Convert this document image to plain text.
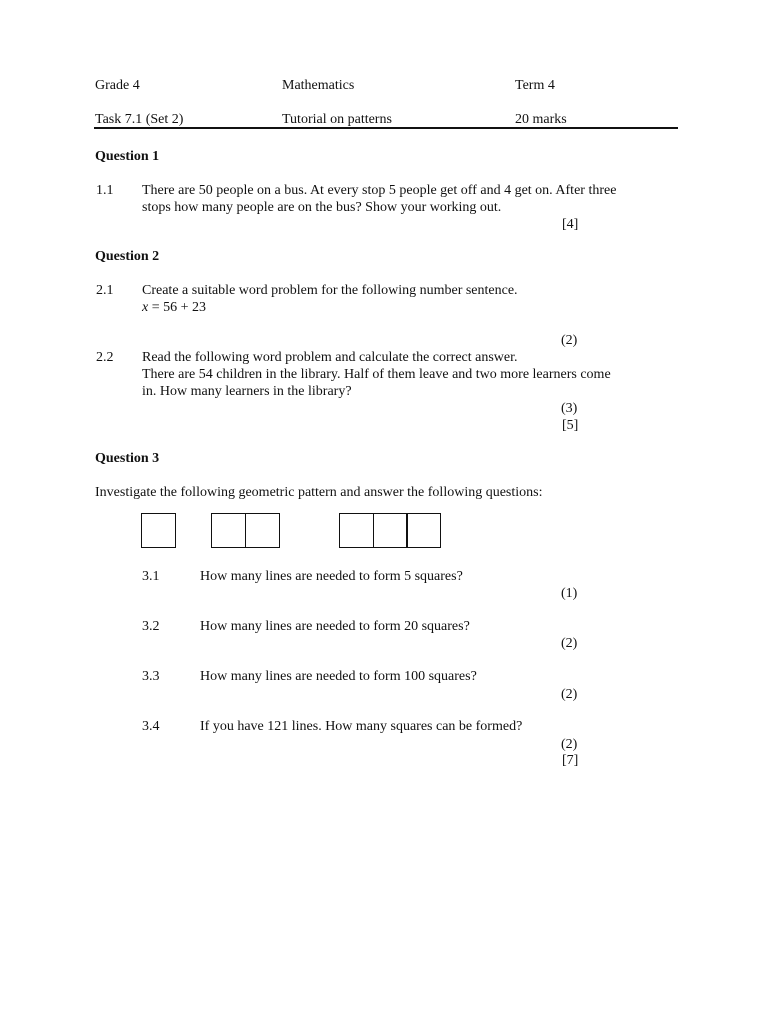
Grade 4	Mathematics	Term 4
Task 7.1 (Set 2)	Tutorial on patterns	20 marks
Question 1
1.1 There are 50 people on a bus. At every stop 5 people get off and 4 get on. After three
stops how many people are on the bus? Show your working out.
[4]
Question 2
2.1 Create a suitable word problem for the following number sentence.
x = 56 + 23
(2)
2.2 Read the following word problem and calculate the correct answer.
There are 54 children in the library. Half of them leave and two more learners come
in. How many learners in the library?
(3)
[5]
Question 3
Investigate the following geometric pattern and answer the following questions:
3.1	How many lines are needed to form 5 squares?
(1)
3.2	How many lines are needed to form 20 squares?
(2)
3.3	How many lines are needed to form 100 squares?
(2)
3.4	If you have 121 lines. How many squares can be formed?
(2)
[7]
